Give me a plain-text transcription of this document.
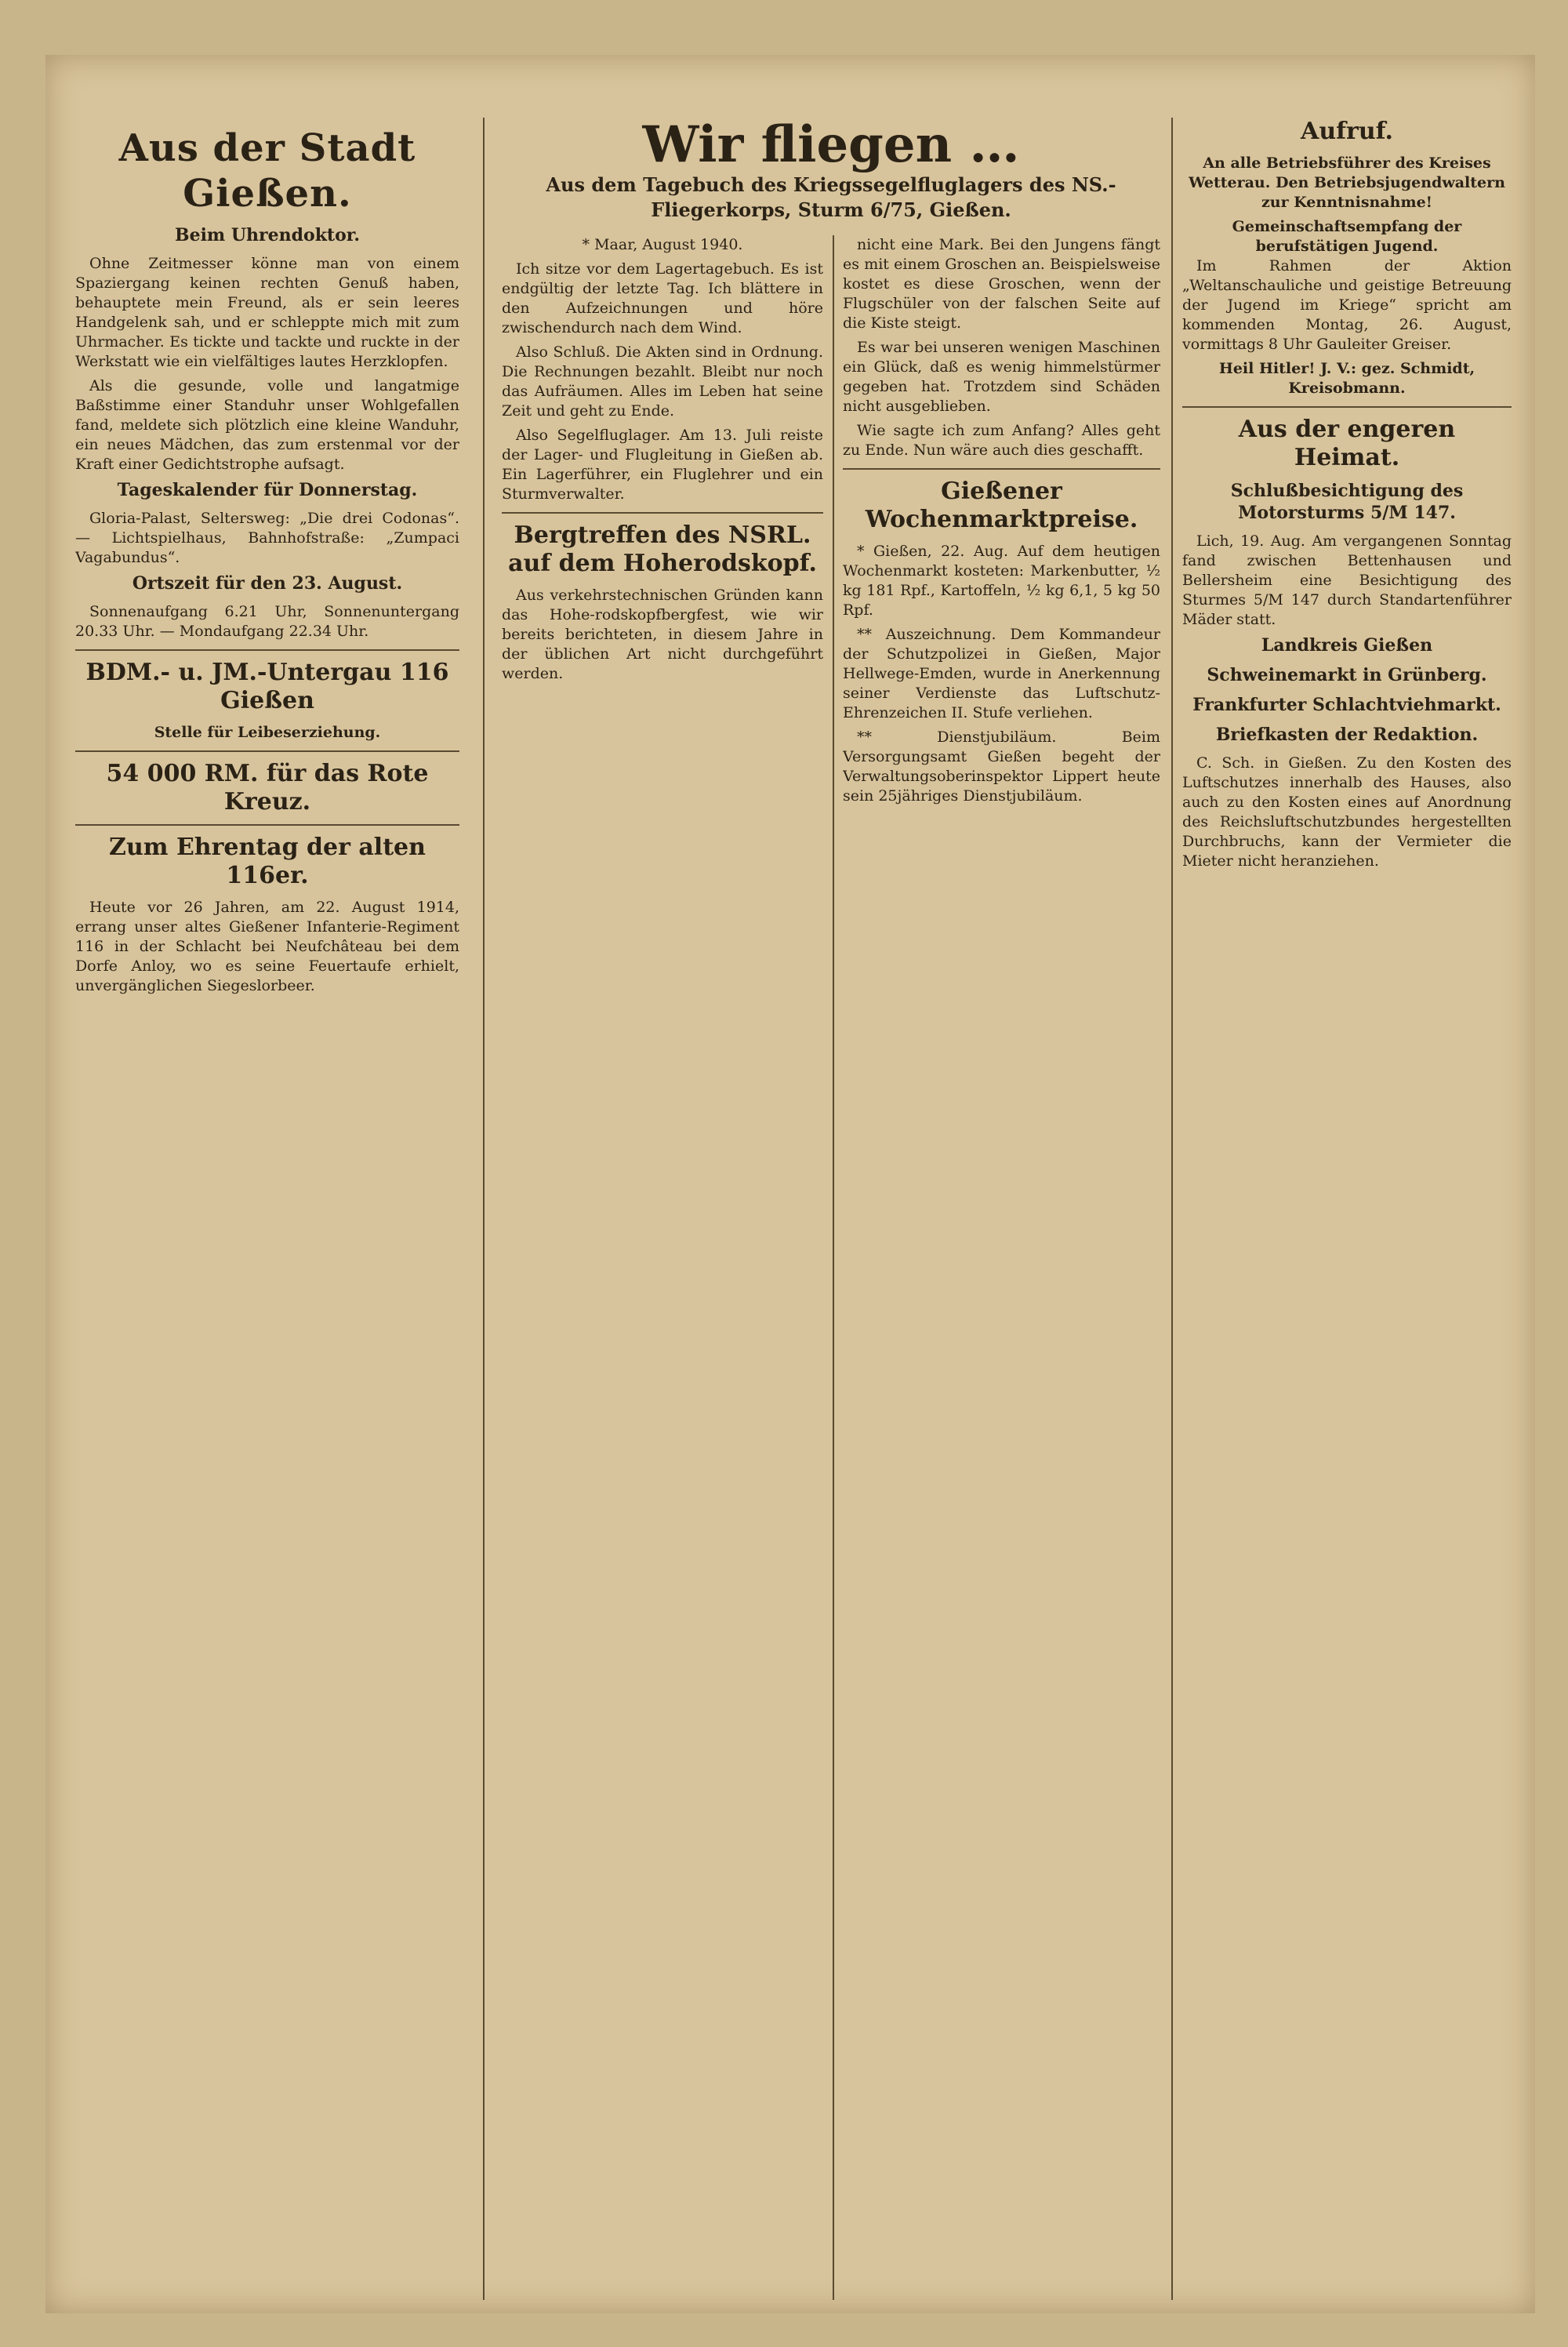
Wir fliegen …
Aus dem Tagebuch des Kriegssegelfluglagers des NS.-Fliegerkorps, Sturm 6/75, Gießen.
Aus der Stadt Gießen.
Beim Uhrendoktor.

Ohne Zeitmesser könne man von einem Spaziergang keinen rechten Genuß haben, behauptete mein Freund, als er sein leeres Handgelenk sah, und er schleppte mich mit zum Uhrmacher. Es tickte und tackte und ruckte in der Werkstatt wie ein vielfältiges lautes Herzklopfen.

Als die gesunde, volle und langatmige Baßstimme einer Standuhr unser Wohlgefallen fand, meldete sich plötzlich eine kleine Wanduhr, ein neues Mädchen, das zum erstenmal vor der Kraft einer Gedichtstrophe aufsagt.

Tageskalender für Donnerstag.

Gloria-Palast, Seltersweg: „Die drei Codonas“. — Lichtspielhaus, Bahnhofstraße: „Zumpaci Vagabundus“.

Ortszeit für den 23. August.

Sonnenaufgang 6.21 Uhr, Sonnenuntergang 20.33 Uhr. — Mondaufgang 22.34 Uhr.

BDM.- u. JM.-Untergau 116 Gießen
Stelle für Leibeserziehung.
54 000 RM. für das Rote Kreuz.
Zum Ehrentag der alten 116er.

Heute vor 26 Jahren, am 22. August 1914, errang unser altes Gießener Infanterie-Regiment 116 in der Schlacht bei Neufchâteau bei dem Dorfe Anloy, wo es seine Feuertaufe erhielt, unvergänglichen Siegeslorbeer.

* Maar, August 1940.

Ich sitze vor dem Lagertagebuch. Es ist endgültig der letzte Tag. Ich blättere in den Aufzeichnungen und höre zwischendurch nach dem Wind.

Also Schluß. Die Akten sind in Ordnung. Die Rechnungen bezahlt. Bleibt nur noch das Aufräumen. Alles im Leben hat seine Zeit und geht zu Ende.

Also Segelfluglager. Am 13. Juli reiste der Lager- und Flugleitung in Gießen ab. Ein Lagerführer, ein Fluglehrer und ein Sturmverwalter.

Bergtreffen des NSRL. auf dem Hoherodskopf.

Aus verkehrstechnischen Gründen kann das Hohe-rodskopfbergfest, wie wir bereits berichteten, in diesem Jahre in der üblichen Art nicht durchgeführt werden.

nicht eine Mark. Bei den Jungens fängt es mit einem Groschen an. Beispielsweise kostet es diese Groschen, wenn der Flugschüler von der falschen Seite auf die Kiste steigt.

Es war bei unseren wenigen Maschinen ein Glück, daß es wenig himmelstürmer gegeben hat. Trotzdem sind Schäden nicht ausgeblieben.

Wie sagte ich zum Anfang? Alles geht zu Ende. Nun wäre auch dies geschafft.

Gießener Wochenmarktpreise.

* Gießen, 22. Aug. Auf dem heutigen Wochenmarkt kosteten: Markenbutter, ½ kg 181 Rpf., Kartoffeln, ½ kg 6,1, 5 kg 50 Rpf.

** Auszeichnung. Dem Kommandeur der Schutzpolizei in Gießen, Major Hellwege-Emden, wurde in Anerkennung seiner Verdienste das Luftschutz-Ehrenzeichen II. Stufe verliehen.

** Dienstjubiläum. Beim Versorgungsamt Gießen begeht der Verwaltungsoberinspektor Lippert heute sein 25jähriges Dienstjubiläum.

Aufruf.

An alle Betriebsführer des Kreises Wetterau. Den Betriebsjugendwaltern zur Kenntnisnahme!

Gemeinschaftsempfang der berufstätigen Jugend.

Im Rahmen der Aktion „Weltanschauliche und geistige Betreuung der Jugend im Kriege“ spricht am kommenden Montag, 26. August, vormittags 8 Uhr Gauleiter Greiser.

Heil Hitler! J. V.: gez. Schmidt, Kreisobmann.

Aus der engeren Heimat.
Schlußbesichtigung des Motorsturms 5/M 147.

Lich, 19. Aug. Am vergangenen Sonntag fand zwischen Bettenhausen und Bellersheim eine Besichtigung des Sturmes 5/M 147 durch Standartenführer Mäder statt.

Landkreis Gießen
Schweinemarkt in Grünberg.
Frankfurter Schlachtviehmarkt.
Briefkasten der Redaktion.

C. Sch. in Gießen. Zu den Kosten des Luftschutzes innerhalb des Hauses, also auch zu den Kosten eines auf Anordnung des Reichsluftschutzbundes hergestellten Durchbruchs, kann der Vermieter die Mieter nicht heranziehen.
